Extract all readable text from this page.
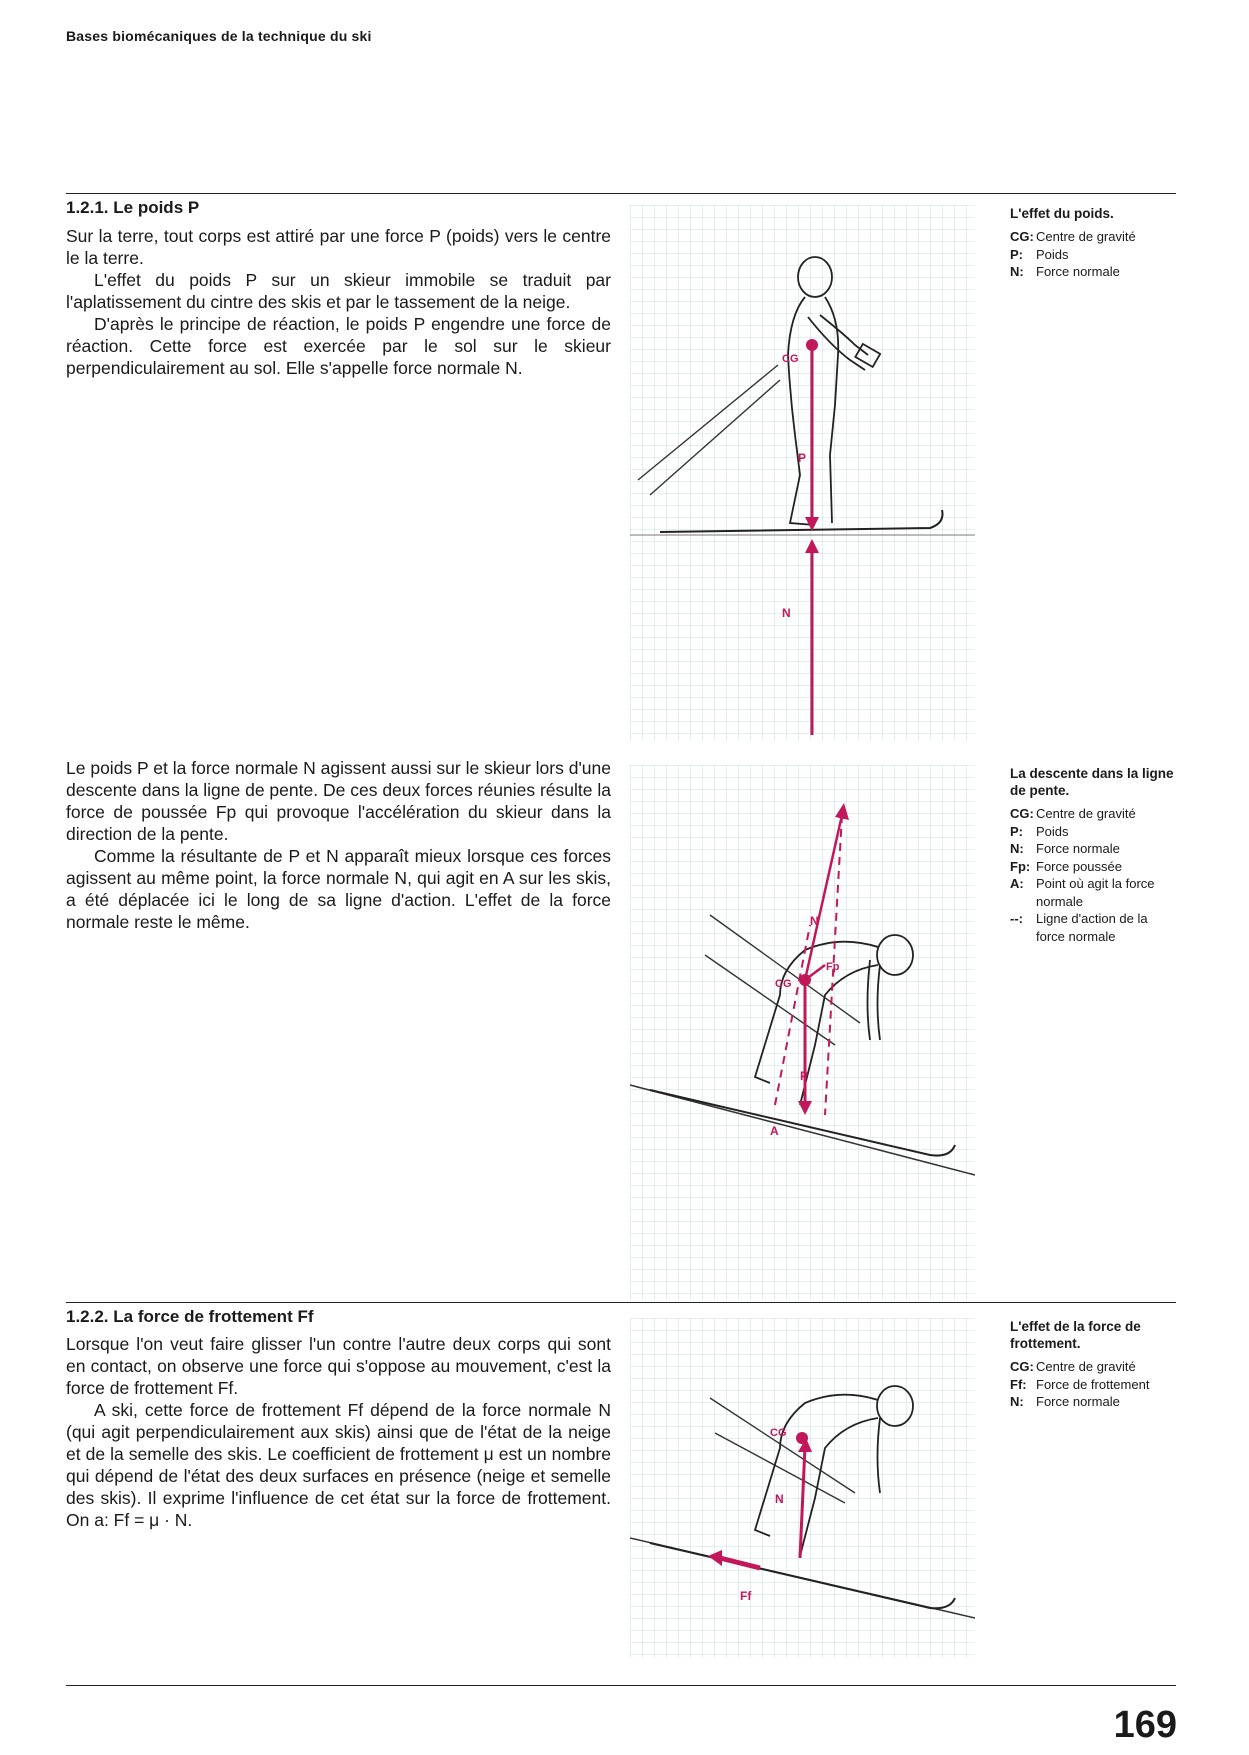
Bases biomécaniques de la technique du ski
1.2.1. Le poids P

Sur la terre, tout corps est attiré par une force P (poids) vers le centre le la terre.

L'effet du poids P sur un skieur immobile se traduit par l'aplatissement du cintre des skis et par le tassement de la neige.

D'après le principe de réaction, le poids P engendre une force de réaction. Cette force est exercée par le sol sur le skieur perpendiculairement au sol. Elle s'appelle force normale N.	CG
P
N
L'effet du poids.
CG: Centre de gravité
P:	Poids
N: Force normale

Le poids P et la force normale N agissent aussi sur le skieur lors d'une descente dans la ligne de pente. De ces deux forces réunies résulte la force de poussée Fp qui provoque l'accélération du skieur dans la direction de la pente.

Comme la résultante de P et N apparaît mieux lorsque ces forces agissent au même point, la force normale N, qui agit en A sur les skis, a été déplacée ici le long de sa ligne d'action. L'effet de la force normale reste le même.

CG
P
N
Fp
A
La descente dans la ligne de pente.
CG: Centre de gravité
P:	Poids
N: Force normale
Fp: Force poussée
A: Point où agit la force normale
--:	Ligne d'action de la force normale
1.2.2. La force de frottement Ff

Lorsque l'on veut faire glisser l'un contre l'autre deux corps qui sont en contact, on observe une force qui s'oppose au mouvement, c'est la force de frottement Ff.

A ski, cette force de frottement Ff dépend de la force normale N (qui agit perpendiculairement aux skis) ainsi que de l'état de la neige et de la semelle des skis. Le coefficient de frottement μ est un nombre qui dépend de l'état des deux surfaces en présence (neige et semelle des skis). Il exprime l'influence de cet état sur la force de frottement. On a: Ff = μ · N.

CG
N
Ff
L'effet de la force de frottement.
CG: Centre de gravité
Ff: Force de frottement
N: Force normale
169
